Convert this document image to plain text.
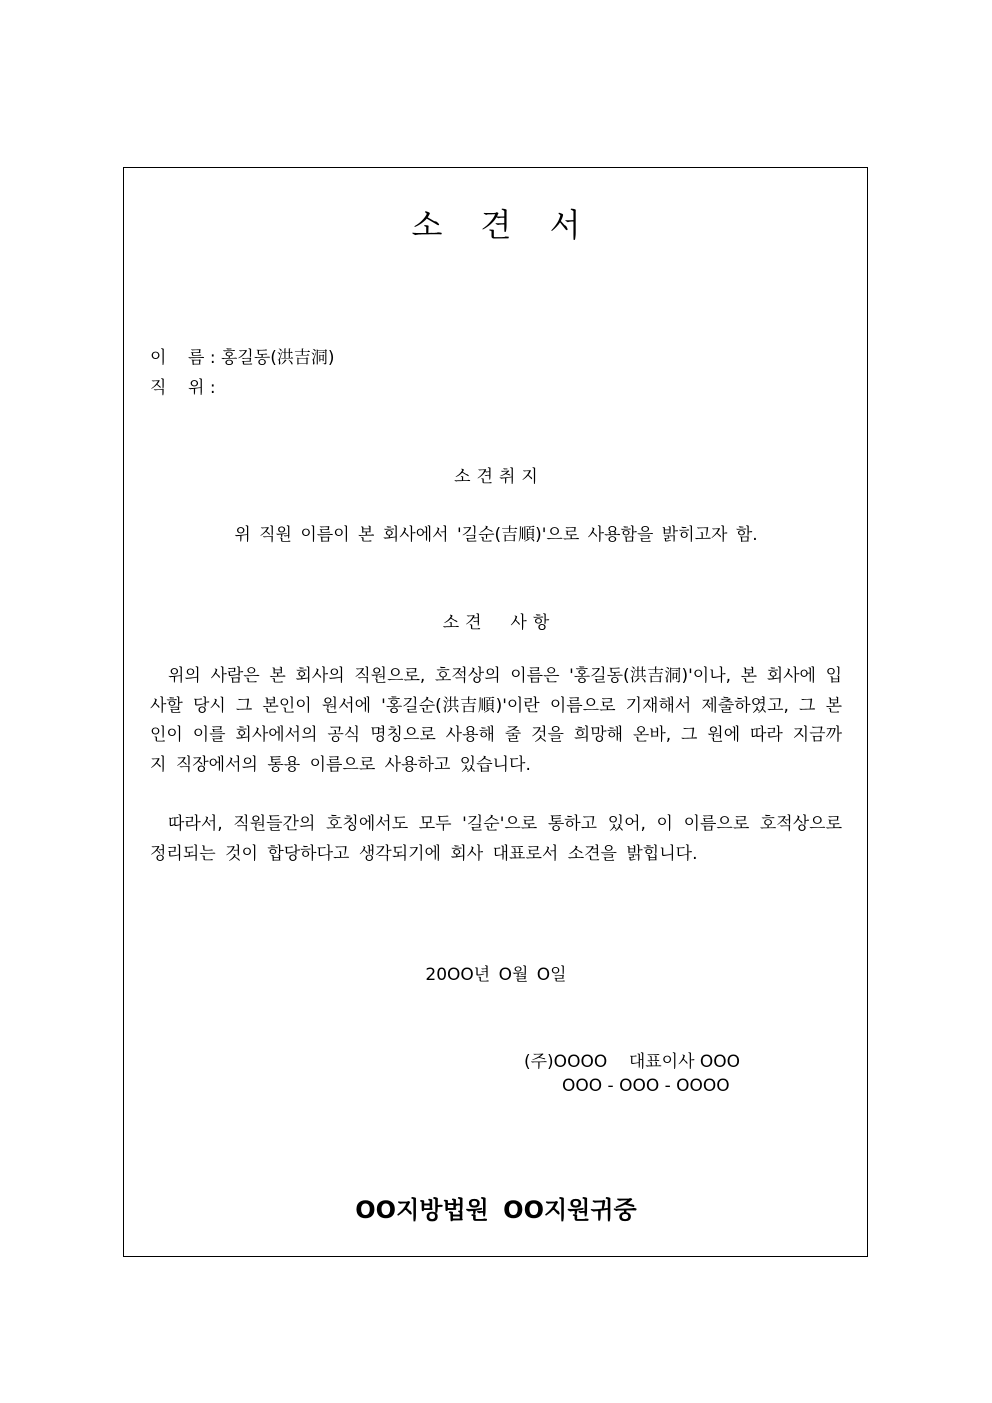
소 견 서
이    름 : 홍길동(洪吉洞)
직    위 :
소견취지
위 직원 이름이 본 회사에서 '길순(吉順)'으로 사용함을 밝히고자 함.
소견  사항
위의 사람은 본 회사의 직원으로, 호적상의 이름은 '홍길동(洪吉洞)'이나, 본 회사에 입사할 당시 그 본인이 원서에 '홍길순(洪吉順)'이란 이름으로 기재해서 제출하였고, 그 본인이 이를 회사에서의 공식 명칭으로 사용해 줄 것을 희망해 온바, 그 원에 따라 지금까지 직장에서의 통용 이름으로 사용하고 있습니다.
따라서, 직원들간의 호칭에서도 모두 '길순'으로 통하고 있어, 이 이름으로 호적상으로 정리되는 것이 합당하다고 생각되기에 회사 대표로서 소견을 밝힙니다.
20OO년 O월 O일
(주)OOOO    대표이사 OOO
OOO - OOO - OOOO
OO지방법원 OO지원귀중
